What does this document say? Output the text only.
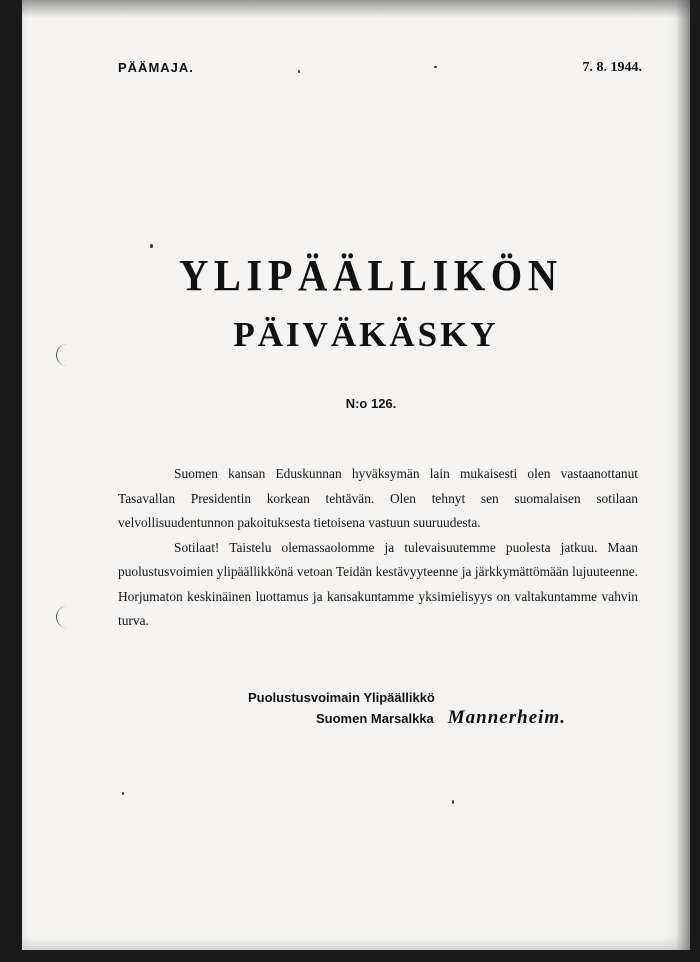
PÄÄMAJA.	7. 8. 1944.
YLIPÄÄLLIKÖN
PÄIVÄKÄSKY
N:o 126.

Suomen kansan Eduskunnan hyväksymän lain mukaisesti olen vastaanottanut Tasavallan Presidentin korkean tehtävän. Olen tehnyt sen suomalaisen sotilaan velvollisuudentunnon pakoituksesta tietoisena vastuun suuruudesta.

Sotilaat! Taistelu olemassaolomme ja tulevaisuutemme puolesta jatkuu. Maan puolustusvoimien ylipäällikkönä vetoan Teidän kestävyyteenne ja järkkymättömään lujuuteenne. Horjumaton keskinäinen luottamus ja kansakuntamme yksimielisyys on valtakuntamme vahvin turva.

Puolustusvoimain Ylipäällikkö
Suomen Marsalkka Mannerheim.
